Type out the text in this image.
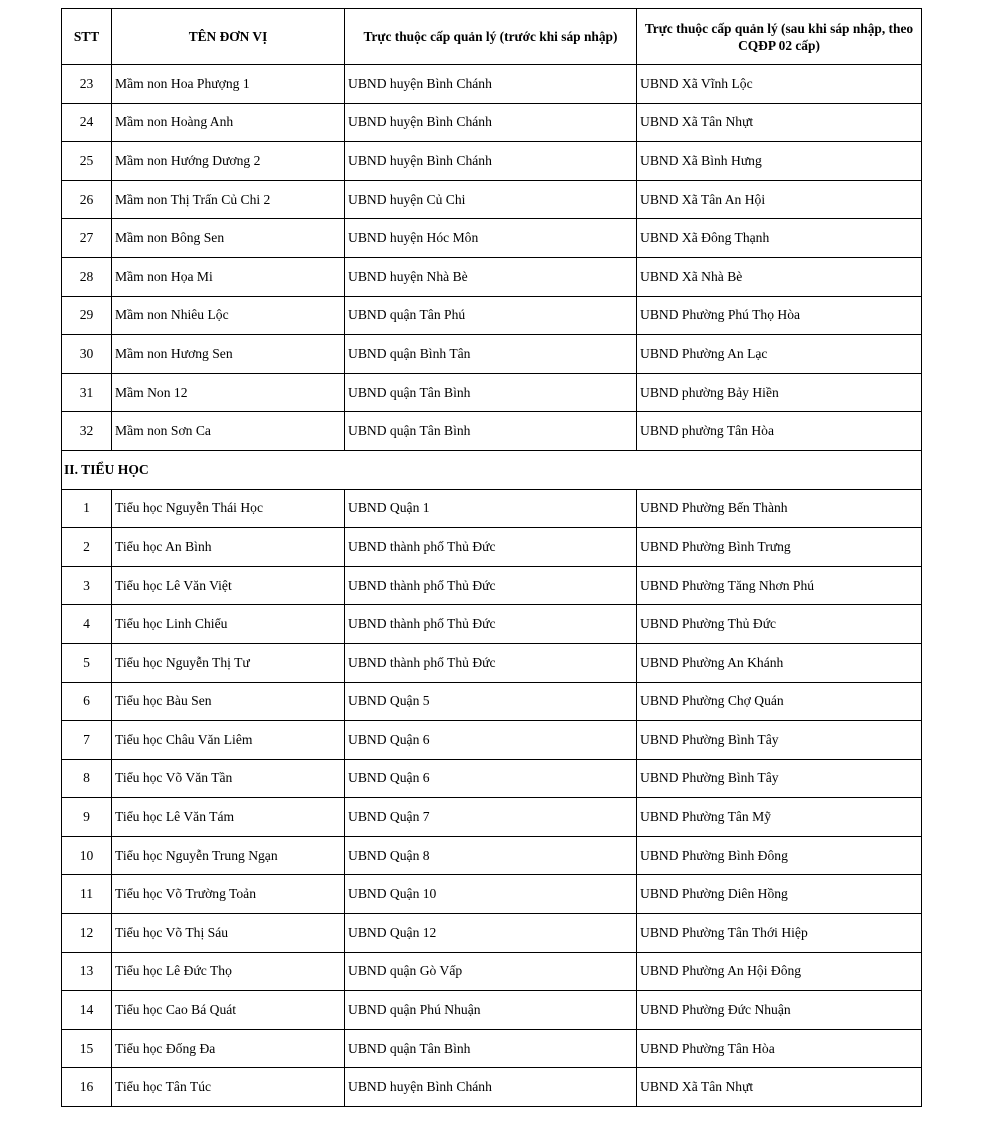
STT	TÊN ĐƠN VỊ	Trực thuộc cấp quản lý (trước khi sáp nhập)	Trực thuộc cấp quản lý (sau khi sáp nhập, theo CQĐP 02 cấp)
23	Mầm non Hoa Phượng 1	UBND huyện Bình Chánh	UBND Xã Vĩnh Lộc
24	Mầm non Hoàng Anh	UBND huyện Bình Chánh	UBND Xã Tân Nhựt
25	Mầm non Hướng Dương 2	UBND huyện Bình Chánh	UBND Xã Bình Hưng
26	Mầm non Thị Trấn Củ Chi 2	UBND huyện Củ Chi	UBND Xã Tân An Hội
27	Mầm non Bông Sen	UBND huyện Hóc Môn	UBND Xã Đông Thạnh
28	Mầm non Họa Mi	UBND huyện Nhà Bè	UBND Xã Nhà Bè
29	Mầm non Nhiêu Lộc	UBND quận Tân Phú	UBND Phường Phú Thọ Hòa
30	Mầm non Hương Sen	UBND quận Bình Tân	UBND Phường An Lạc
31	Mầm Non 12	UBND quận Tân Bình	UBND phường Bảy Hiền
32	Mầm non Sơn Ca	UBND quận Tân Bình	UBND phường Tân Hòa
II. TIỂU HỌC			
1	Tiểu học Nguyễn Thái Học	UBND Quận 1	UBND Phường Bến Thành
2	Tiểu học An Bình	UBND thành phố Thủ Đức	UBND Phường Bình Trưng
3	Tiểu học Lê Văn Việt	UBND thành phố Thủ Đức	UBND Phường Tăng Nhơn Phú
4	Tiểu học Linh Chiểu	UBND thành phố Thủ Đức	UBND Phường Thủ Đức
5	Tiểu học Nguyễn Thị Tư	UBND thành phố Thủ Đức	UBND Phường An Khánh
6	Tiểu học Bàu Sen	UBND Quận 5	UBND Phường Chợ Quán
7	Tiểu học Châu Văn Liêm	UBND Quận 6	UBND Phường Bình Tây
8	Tiểu học Võ Văn Tần	UBND Quận 6	UBND Phường Bình Tây
9	Tiểu học Lê Văn Tám	UBND Quận 7	UBND Phường Tân Mỹ
10	Tiểu học Nguyễn Trung Ngạn	UBND Quận 8	UBND Phường Bình Đông
11	Tiểu học Võ Trường Toản	UBND Quận 10	UBND Phường Diên Hồng
12	Tiểu học Võ Thị Sáu	UBND Quận 12	UBND Phường Tân Thới Hiệp
13	Tiểu học Lê Đức Thọ	UBND quận Gò Vấp	UBND Phường An Hội Đông
14	Tiểu học Cao Bá Quát	UBND quận Phú Nhuận	UBND Phường Đức Nhuận
15	Tiểu học Đống Đa	UBND quận Tân Bình	UBND Phường Tân Hòa
16	Tiểu học Tân Túc	UBND huyện Bình Chánh	UBND Xã Tân Nhựt
